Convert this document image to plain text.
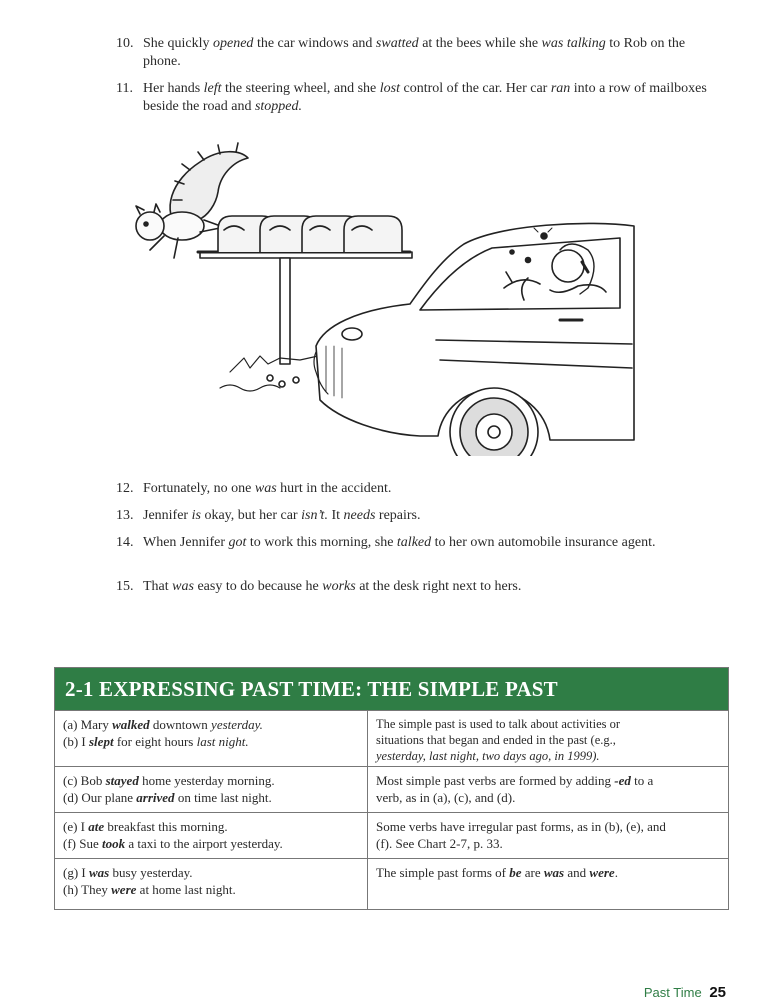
10. She quickly opened the car windows and swatted at the bees while she was talking to Rob on the phone.
11. Her hands left the steering wheel, and she lost control of the car. Her car ran into a row of mailboxes beside the road and stopped.
12. Fortunately, no one was hurt in the accident.
13. Jennifer is okay, but her car isn’t. It needs repairs.
14. When Jennifer got to work this morning, she talked to her own automobile insurance agent.
15. That was easy to do because he works at the desk right next to hers.
2-1 EXPRESSING PAST TIME: THE SIMPLE PAST
(a) Mary walked downtown yesterday.
(b) I slept for eight hours last night.
The simple past is used to talk about activities or
situations that began and ended in the past (e.g.,
yesterday, last night, two days ago, in 1999).
(c) Bob stayed home yesterday morning.
(d) Our plane arrived on time last night.
Most simple past verbs are formed by adding -ed to a
verb, as in (a), (c), and (d).
(e) I ate breakfast this morning.
(f) Sue took a taxi to the airport yesterday.
Some verbs have irregular past forms, as in (b), (e), and
(f). See Chart 2-7, p. 33.
(g) I was busy yesterday.
(h) They were at home last night.
The simple past forms of be are was and were.
Past Time 25
